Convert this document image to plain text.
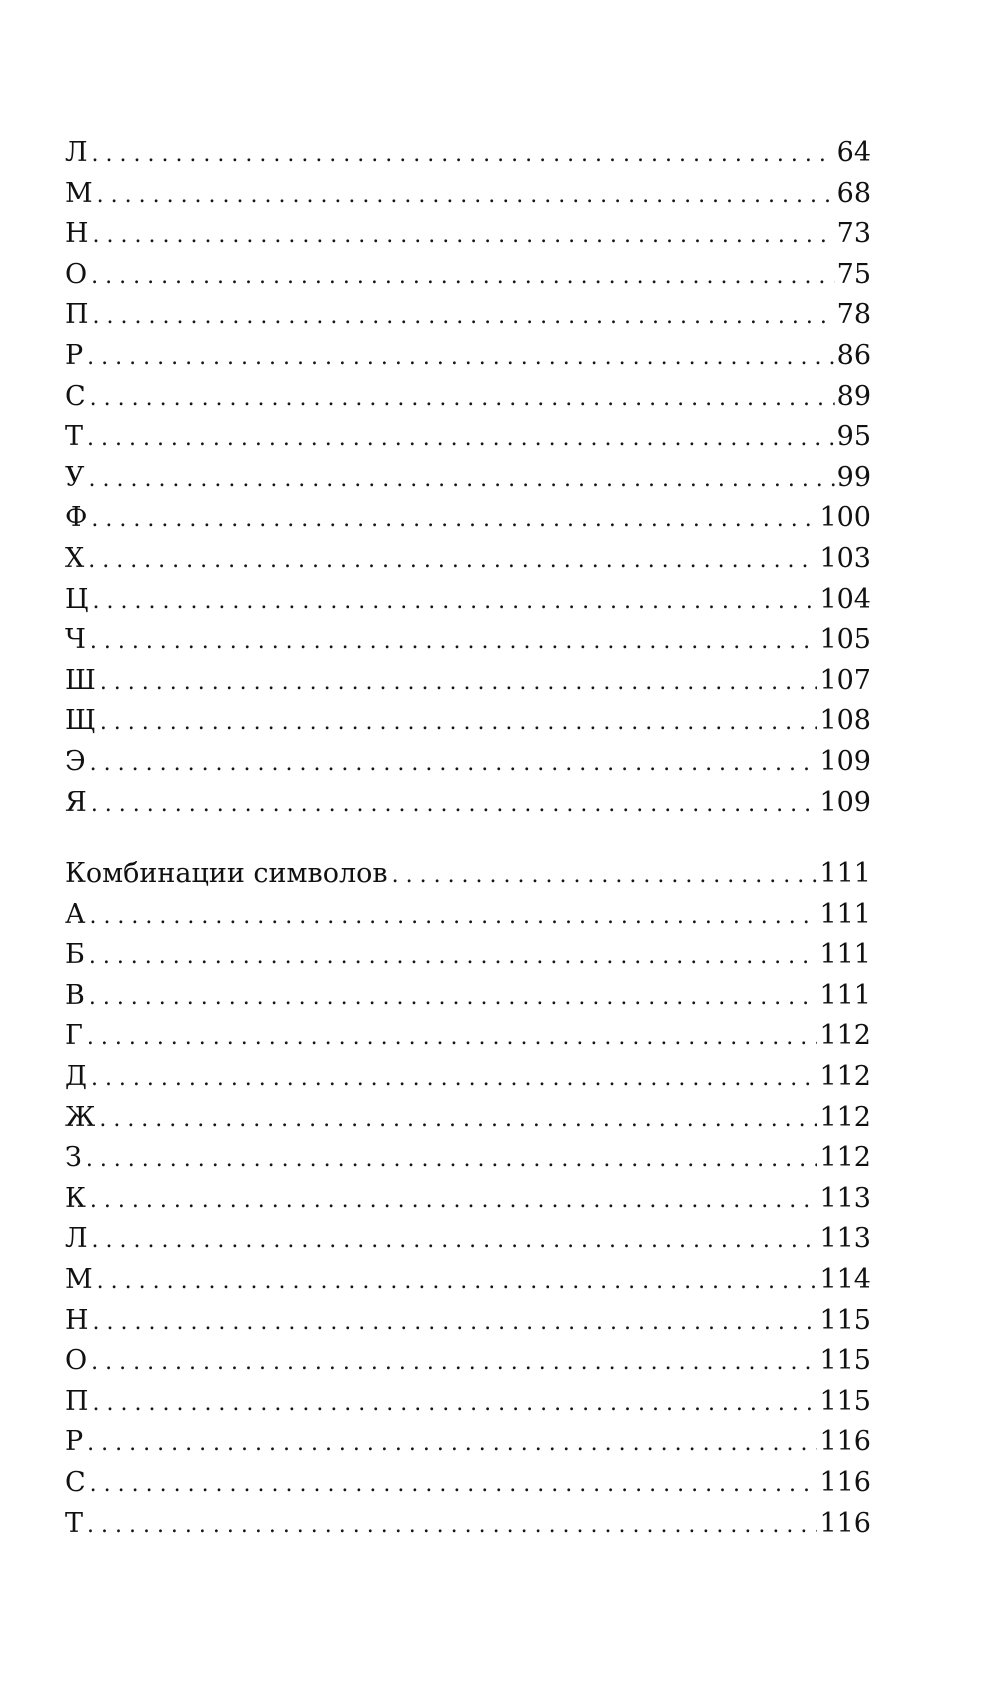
Л . . .	64
М . . .	68
Н . . .	73
О . . .	75
П . . .	78
Р . . .	86
С . . .	89
Т . . .	95
У . . .	99
Ф . . .	100
Х . . .	103
Ц . . .	104
Ч . . .	105
Ш . . .	107
Щ . . .	108
Э . . .	109
Я . . .	109
Комбинации символов . . .	111
А . . .	111
Б . . .	111
В . . .	111
Г . . .	112
Д . . .	112
Ж . . .	112
З . . .	112
К . . .	113
Л . . .	113
М . . .	114
Н . . .	115
О . . .	115
П . . .	115
Р . . .	116
С . . .	116
Т . . .	116
